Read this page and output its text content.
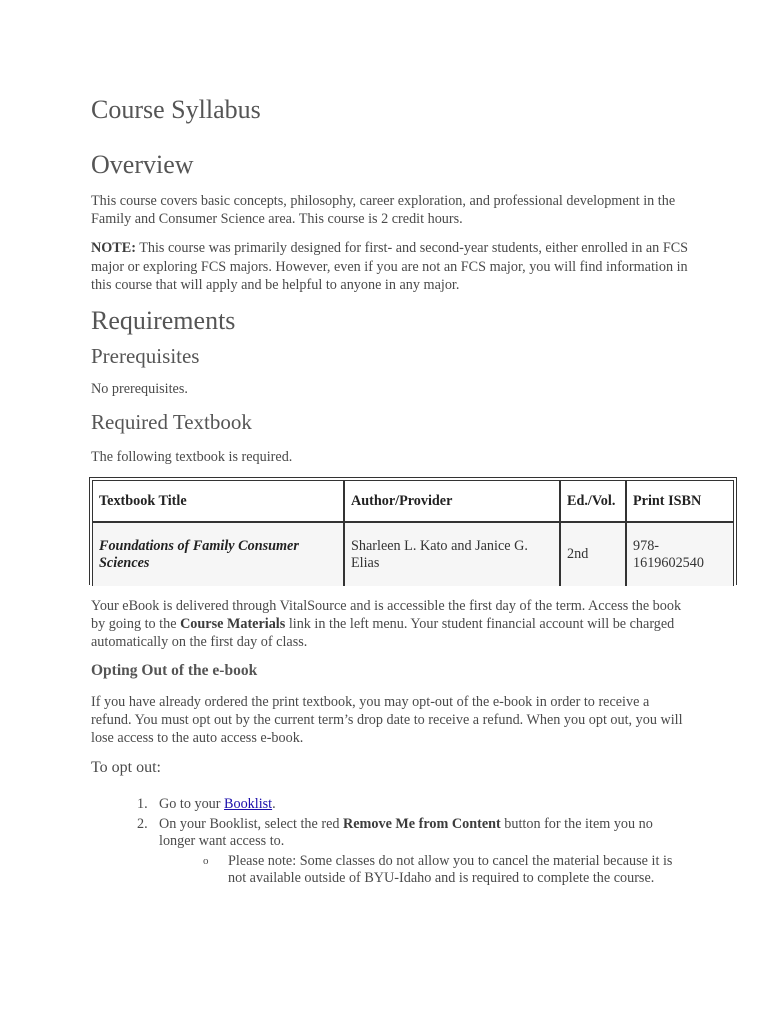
Course Syllabus
Overview

This course covers basic concepts, philosophy, career exploration, and professional development in the Family and Consumer Science area. This course is 2 credit hours.

NOTE: This course was primarily designed for first- and second-year students, either enrolled in an FCS major or exploring FCS majors. However, even if you are not an FCS major, you will find information in this course that will apply and be helpful to anyone in any major.

Requirements
Prerequisites

No prerequisites.

Required Textbook

The following textbook is required.

Textbook Title	Author/Provider	Ed./Vol.	Print ISBN
Foundations of Family Consumer Sciences	Sharleen L. Kato and Janice G. Elias	2nd	978-1619602540

Your eBook is delivered through VitalSource and is accessible the first day of the term. Access the book by going to the Course Materials link in the left menu. Your student financial account will be charged automatically on the first day of class.

Opting Out of the e-book

If you have already ordered the print textbook, you may opt-out of the e-book in order to receive a refund. You must opt out by the current term’s drop date to receive a refund. When you opt out, you will lose access to the auto access e-book.

To opt out:

1. Go to your Booklist.
2. On your Booklist, select the red Remove Me from Content button for the item you no longer want access to.
o Please note: Some classes do not allow you to cancel the material because it is not available outside of BYU-Idaho and is required to complete the course.
